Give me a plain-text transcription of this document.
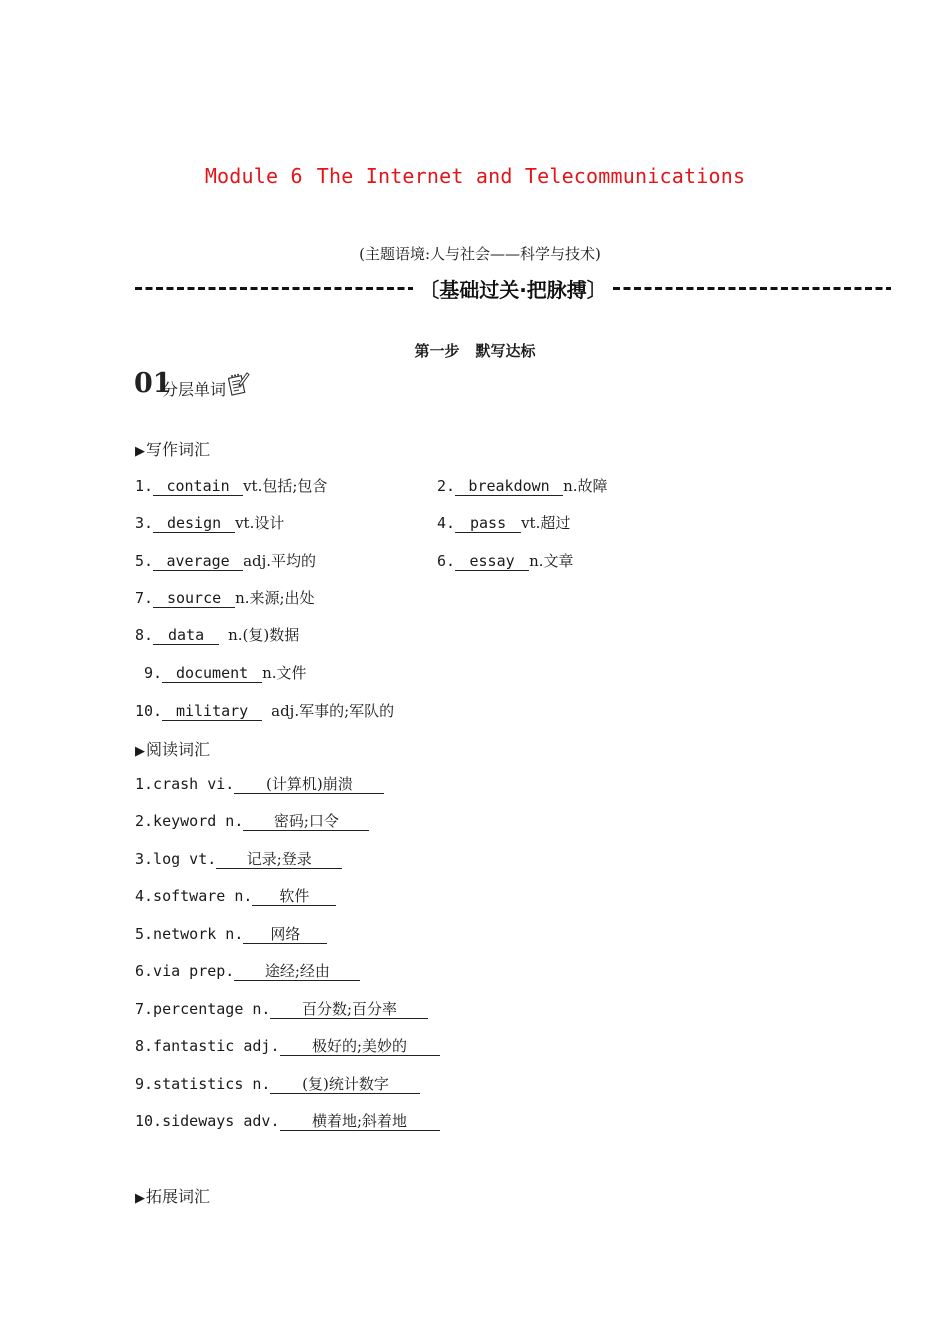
Module 6 The Internet and Telecommunications
(主题语境:人与社会——科学与技术)
〔基础过关·把脉搏〕
第一步 默写达标
01
分层单词
▶写作词汇
1. contain vt.包括;包含	2. breakdown n.故障
3. design vt.设计	4. pass vt.超过
5. average adj.平均的	6. essay n.文章
7. source n.来源;出处
8. data n.(复)数据
9. document n.文件
10. military adj.军事的;军队的
▶阅读词汇
1.crash vi. (计算机)崩溃
2.keyword n. 密码;口令
3.log vt. 记录;登录
4.software n. 软件
5.network n. 网络
6.via prep. 途经;经由
7.percentage n. 百分数;百分率
8.fantastic adj. 极好的;美妙的
9.statistics n. (复)统计数字
10.sideways adv. 横着地;斜着地
▶拓展词汇
